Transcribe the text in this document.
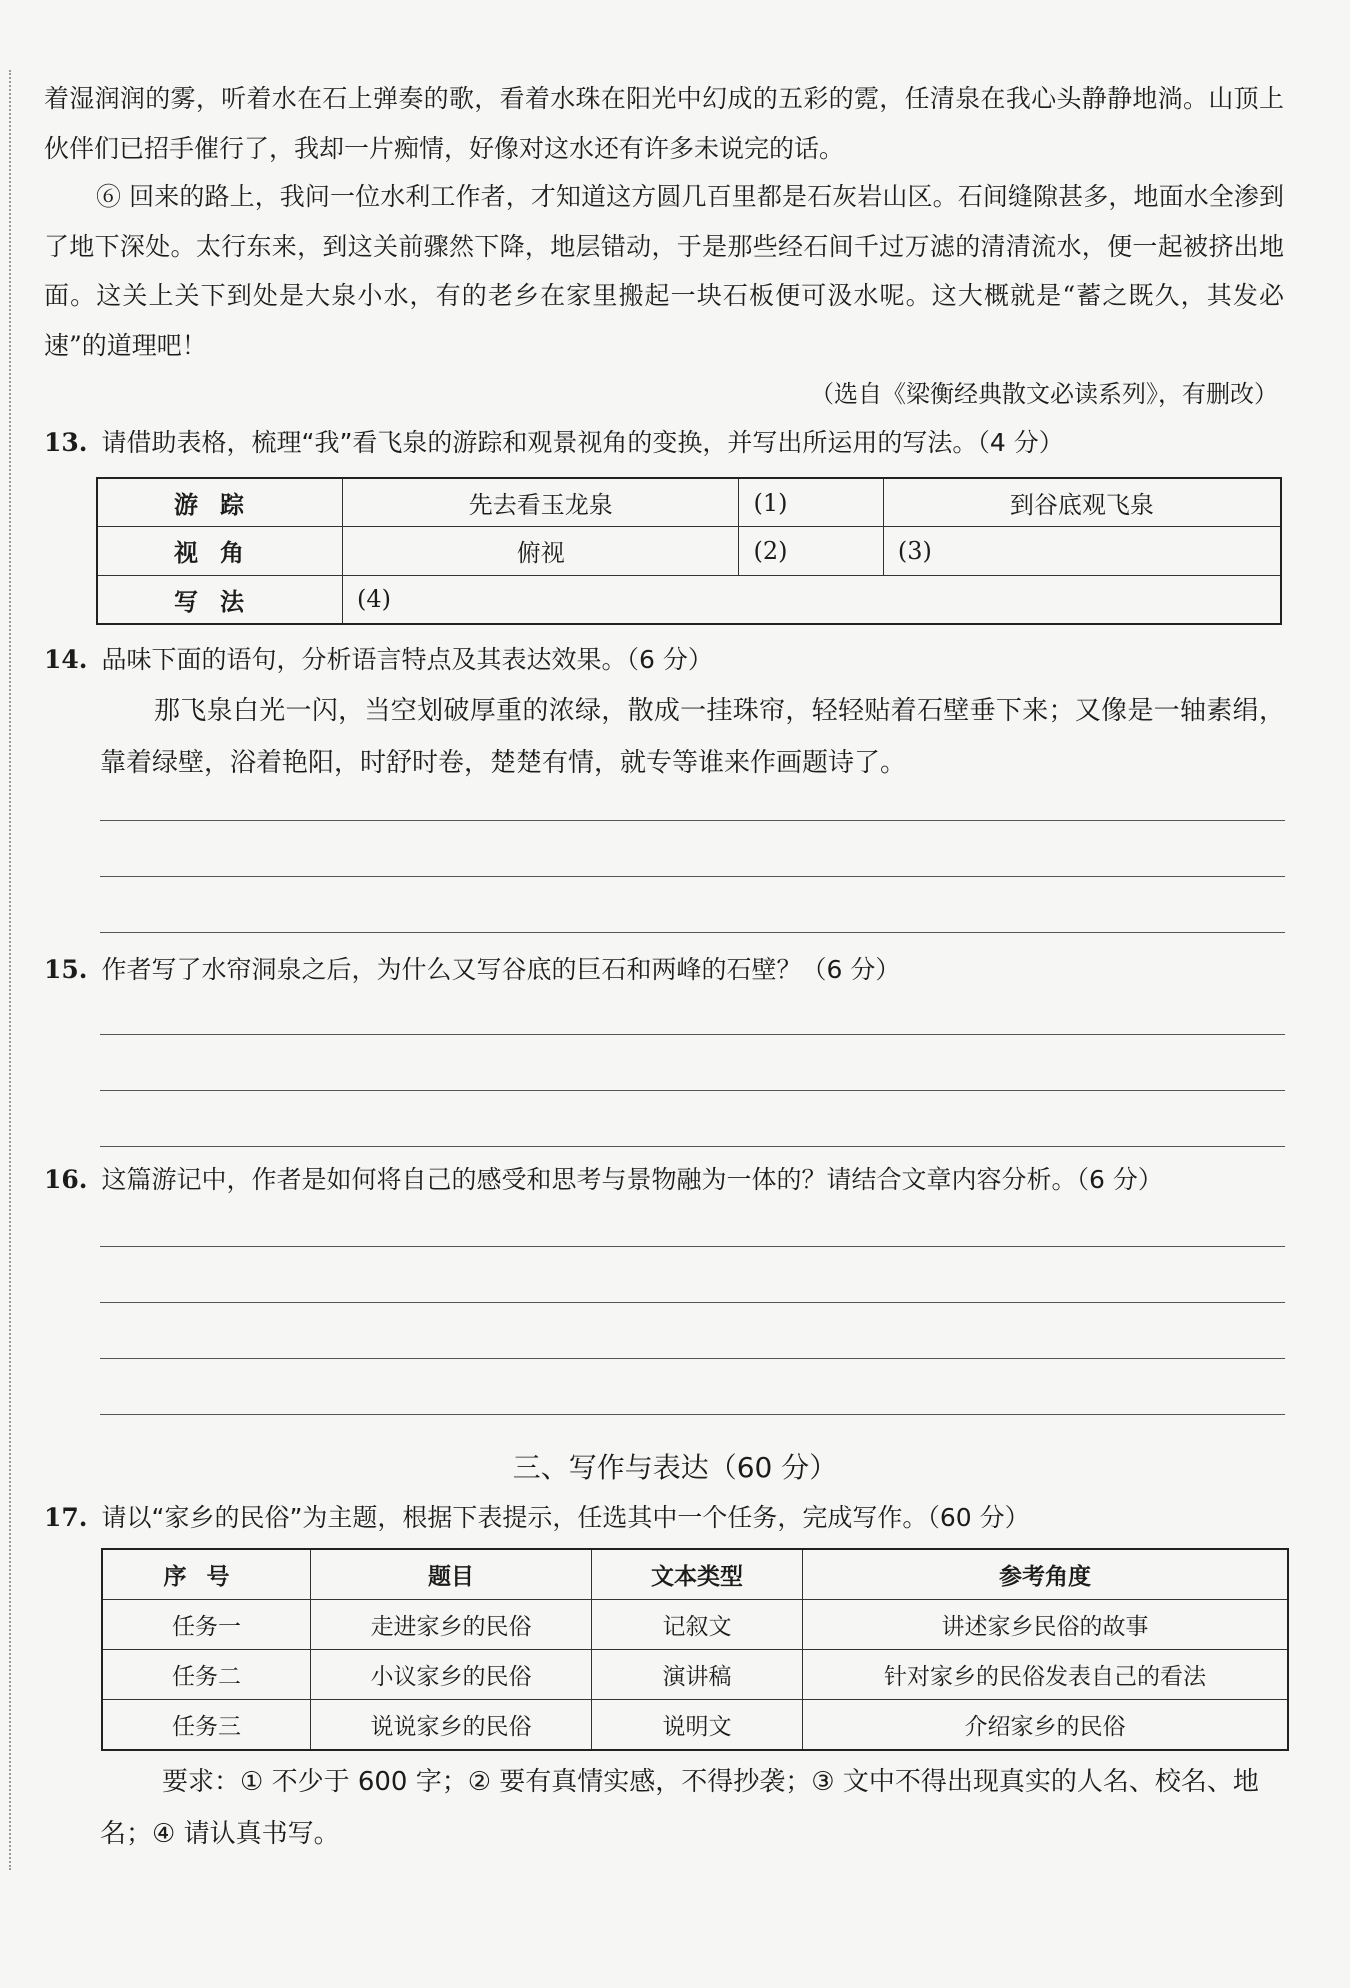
着湿润润的雾，听着水在石上弹奏的歌，看着水珠在阳光中幻成的五彩的霓，任清泉在我心头静静地淌。山顶上伙伴们已招手催行了，我却一片痴情，好像对这水还有许多未说完的话。

⑥ 回来的路上，我问一位水利工作者，才知道这方圆几百里都是石灰岩山区。石间缝隙甚多，地面水全渗到了地下深处。太行东来，到这关前骤然下降，地层错动，于是那些经石间千过万滤的清清流水，便一起被挤出地面。这关上关下到处是大泉小水，有的老乡在家里搬起一块石板便可汲水呢。这大概就是“蓄之既久，其发必速”的道理吧！

（选自《梁衡经典散文必读系列》，有删改）

13. 请借助表格，梳理“我”看飞泉的游踪和观景视角的变换，并写出所运用的写法。（4 分）

游踪	先去看玉龙泉	(1)	到谷底观飞泉
视角	俯视	(2)	(3)
写法	(4)		

14. 品味下面的语句，分析语言特点及其表达效果。（6 分）

那飞泉白光一闪，当空划破厚重的浓绿，散成一挂珠帘，轻轻贴着石壁垂下来；又像是一轴素绢，靠着绿壁，浴着艳阳，时舒时卷，楚楚有情，就专等谁来作画题诗了。

15. 作者写了水帘洞泉之后，为什么又写谷底的巨石和两峰的石壁？（6 分）

16. 这篇游记中，作者是如何将自己的感受和思考与景物融为一体的？请结合文章内容分析。（6 分）

三、写作与表达（60 分）

17. 请以“家乡的民俗”为主题，根据下表提示，任选其中一个任务，完成写作。（60 分）

序号	题目	文本类型	参考角度
任务一	走进家乡的民俗	记叙文	讲述家乡民俗的故事
任务二	小议家乡的民俗	演讲稿	针对家乡的民俗发表自己的看法
任务三	说说家乡的民俗	说明文	介绍家乡的民俗

要求：① 不少于 600 字；② 要有真情实感，不得抄袭；③ 文中不得出现真实的人名、校名、地名；④ 请认真书写。
